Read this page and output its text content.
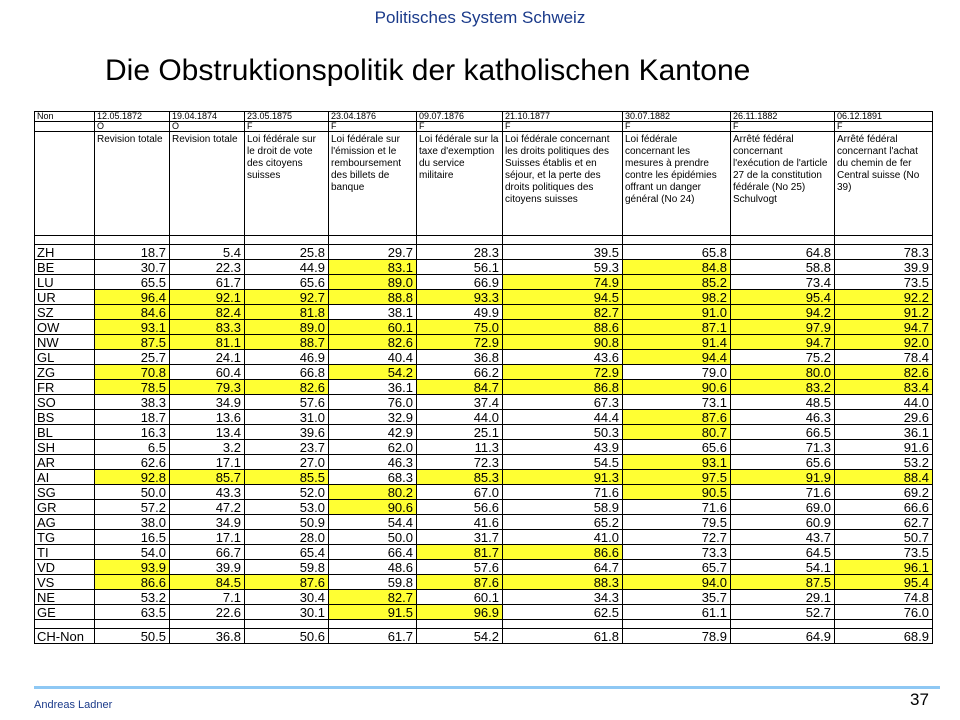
Politisches System Schweiz
Die Obstruktionspolitik der katholischen Kantone
Non	12.05.1872	19.04.1874	23.05.1875	23.04.1876	09.07.1876	21.10.1877	30.07.1882	26.11.1882	06.12.1891
	O	O	F	F	F	F	F	F	F
	Revision totale	Revision totale	Loi fédérale sur le droit de vote des citoyens suisses	Loi fédérale sur l'émission et le remboursement des billets de banque	Loi fédérale sur la taxe d'exemption du service militaire	Loi fédérale concernant les droits politiques des Suisses établis et en séjour, et la perte des droits politiques des citoyens suisses	Loi fédérale concernant les mesures à prendre contre les épidémies offrant un danger général (No 24)	Arrêté fédéral concernant l'exécution de l'article 27 de la constitution fédérale (No 25) Schulvogt	Arrêté fédéral concernant l'achat du chemin de fer Central suisse (No 39)

ZH	18.7	5.4	25.8	29.7	28.3	39.5	65.8	64.8	78.3
BE	30.7	22.3	44.9	83.1	56.1	59.3	84.8	58.8	39.9
LU	65.5	61.7	65.6	89.0	66.9	74.9	85.2	73.4	73.5
UR	96.4	92.1	92.7	88.8	93.3	94.5	98.2	95.4	92.2
SZ	84.6	82.4	81.8	38.1	49.9	82.7	91.0	94.2	91.2
OW	93.1	83.3	89.0	60.1	75.0	88.6	87.1	97.9	94.7
NW	87.5	81.1	88.7	82.6	72.9	90.8	91.4	94.7	92.0
GL	25.7	24.1	46.9	40.4	36.8	43.6	94.4	75.2	78.4
ZG	70.8	60.4	66.8	54.2	66.2	72.9	79.0	80.0	82.6
FR	78.5	79.3	82.6	36.1	84.7	86.8	90.6	83.2	83.4
SO	38.3	34.9	57.6	76.0	37.4	67.3	73.1	48.5	44.0
BS	18.7	13.6	31.0	32.9	44.0	44.4	87.6	46.3	29.6
BL	16.3	13.4	39.6	42.9	25.1	50.3	80.7	66.5	36.1
SH	6.5	3.2	23.7	62.0	11.3	43.9	65.6	71.3	91.6
AR	62.6	17.1	27.0	46.3	72.3	54.5	93.1	65.6	53.2
AI	92.8	85.7	85.5	68.3	85.3	91.3	97.5	91.9	88.4
SG	50.0	43.3	52.0	80.2	67.0	71.6	90.5	71.6	69.2
GR	57.2	47.2	53.0	90.6	56.6	58.9	71.6	69.0	66.6
AG	38.0	34.9	50.9	54.4	41.6	65.2	79.5	60.9	62.7
TG	16.5	17.1	28.0	50.0	31.7	41.0	72.7	43.7	50.7
TI	54.0	66.7	65.4	66.4	81.7	86.6	73.3	64.5	73.5
VD	93.9	39.9	59.8	48.6	57.6	64.7	65.7	54.1	96.1
VS	86.6	84.5	87.6	59.8	87.6	88.3	94.0	87.5	95.4
NE	53.2	7.1	30.4	82.7	60.1	34.3	35.7	29.1	74.8
GE	63.5	22.6	30.1	91.5	96.9	62.5	61.1	52.7	76.0

CH-Non	50.5	36.8	50.6	61.7	54.2	61.8	78.9	64.9	68.9
Andreas Ladner	37
